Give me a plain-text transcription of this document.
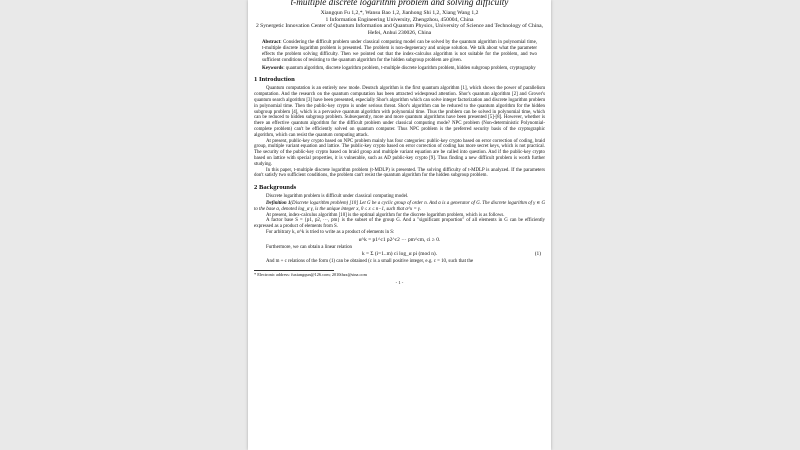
t-multiple discrete logarithm problem and solving difficulty
Xiangqun Fu 1,2,*, Wansu Bao 1,2, Jianhong Shi 1,2, Xiang Wang 1,2
1 Information Engineering University, Zhengzhou, 450004, China
2 Synergetic Innovation Center of Quantum Information and Quantum Physics, University of Science and Technology of China, Hefei, Anhui 230026, China
Abstract: Considering the difficult problem under classical computing model can be solved by the quantum algorithm in polynomial time, t-multiple discrete logarithm problem is presented. The problem is non-degeneracy and unique solution. We talk about what the parameter effects the problem solving difficulty. Then we pointed out that the index-calculus algorithm is not suitable for the problem, and two sufficient conditions of resisting to the quantum algorithm for the hidden subgroup problem are given.
Keywords: quantum algorithm, discrete logarithm problem, t-multiple discrete logarithm problem, hidden subgroup problem, cryptography
1 Introduction

Quantum computation is an entirely new mode. Deutsch algorithm is the first quantum algorithm [1], which shows the power of parallelism computation. And the research on the quantum computation has been attracted widespread attention. Shor's quantum algorithm [2] and Grover's quantum search algorithm [3] have been presented, especially Shor's algorithm which can solve integer factorization and discrete logarithm problem in polynomial time. Then the public-key crypto is under serious threat. Shor's algorithm can be reduced to the quantum algorithm for the hidden subgroup problem [4], which is a pervasive quantum algorithm with polynomial time. Thus the problem can be solved in polynomial time, which can be reduced to hidden subgroup problem. Subsequently, more and more quantum algorithms have been presented [5]-[8]. However, whether is there an effective quantum algorithm for the difficult problem under classical computing mode? NPC problem (Non-deterministic Polynomial-complete problem) can't be efficiently solved on quantum computer. Thus NPC problem is the preferred security basis of the cryptographic algorithm, which can resist the quantum computing attack.

At present, public-key crypto based on NPC problem mainly has four categories: public-key crypto based on error correction of coding, braid group, multiple variant equation and lattice. The public-key crypto based on error correction of coding has more secret keys, which is not practical. The security of the public-key crypto based on braid group and multiple variant equation are be called into question. And if the public-key crypto based on lattice with special properties, it is vulnerable, such as AD public-key crypto [9]. Thus finding a new difficult problem is worth further studying.

In this paper, t-multiple discrete logarithm problem (t-MDLP) is presented. The solving difficulty of t-MDLP is analyzed. If the parameters don't satisfy two sufficient conditions, the problem can't resist the quantum algorithm for the hidden subgroup problem.

2 Backgrounds

Discrete logarithm problem is difficult under classical computing model.

Definition 1(Discrete logarithm problem) [10] Let G be a cyclic group of order n. And α is a generator of G. The discrete logarithm of γ ∈ G to the base α, denoted log_α γ, is the unique integer x, 0 ≤ x ≤ n−1, such that α^x = γ.

At present, index-calculus algorithm [10] is the optimal algorithm for the discrete logarithm problem, which is as follows.

A factor base S = {p1, p2, ···, pm} is the subset of the group G. And a "significant proportion" of all elements in G can be efficiently expressed as a product of elements from S.

For arbitrary k, α^k is tried to write as a product of elements in S:

α^k = p1^c1 p2^c2 ··· pm^cm, ci ≥ 0.

Furthermore, we can obtain a linear relation

k = Σ (i=1..m) ci log_α pi (mod n).	(1)

And m + c relations of the form (1) can be obtained (c is a small positive integer, e.g. c = 10, such that the

* Electronic address: fuxiangqun@126.com; 2010thzz@sina.com

- 1 -
